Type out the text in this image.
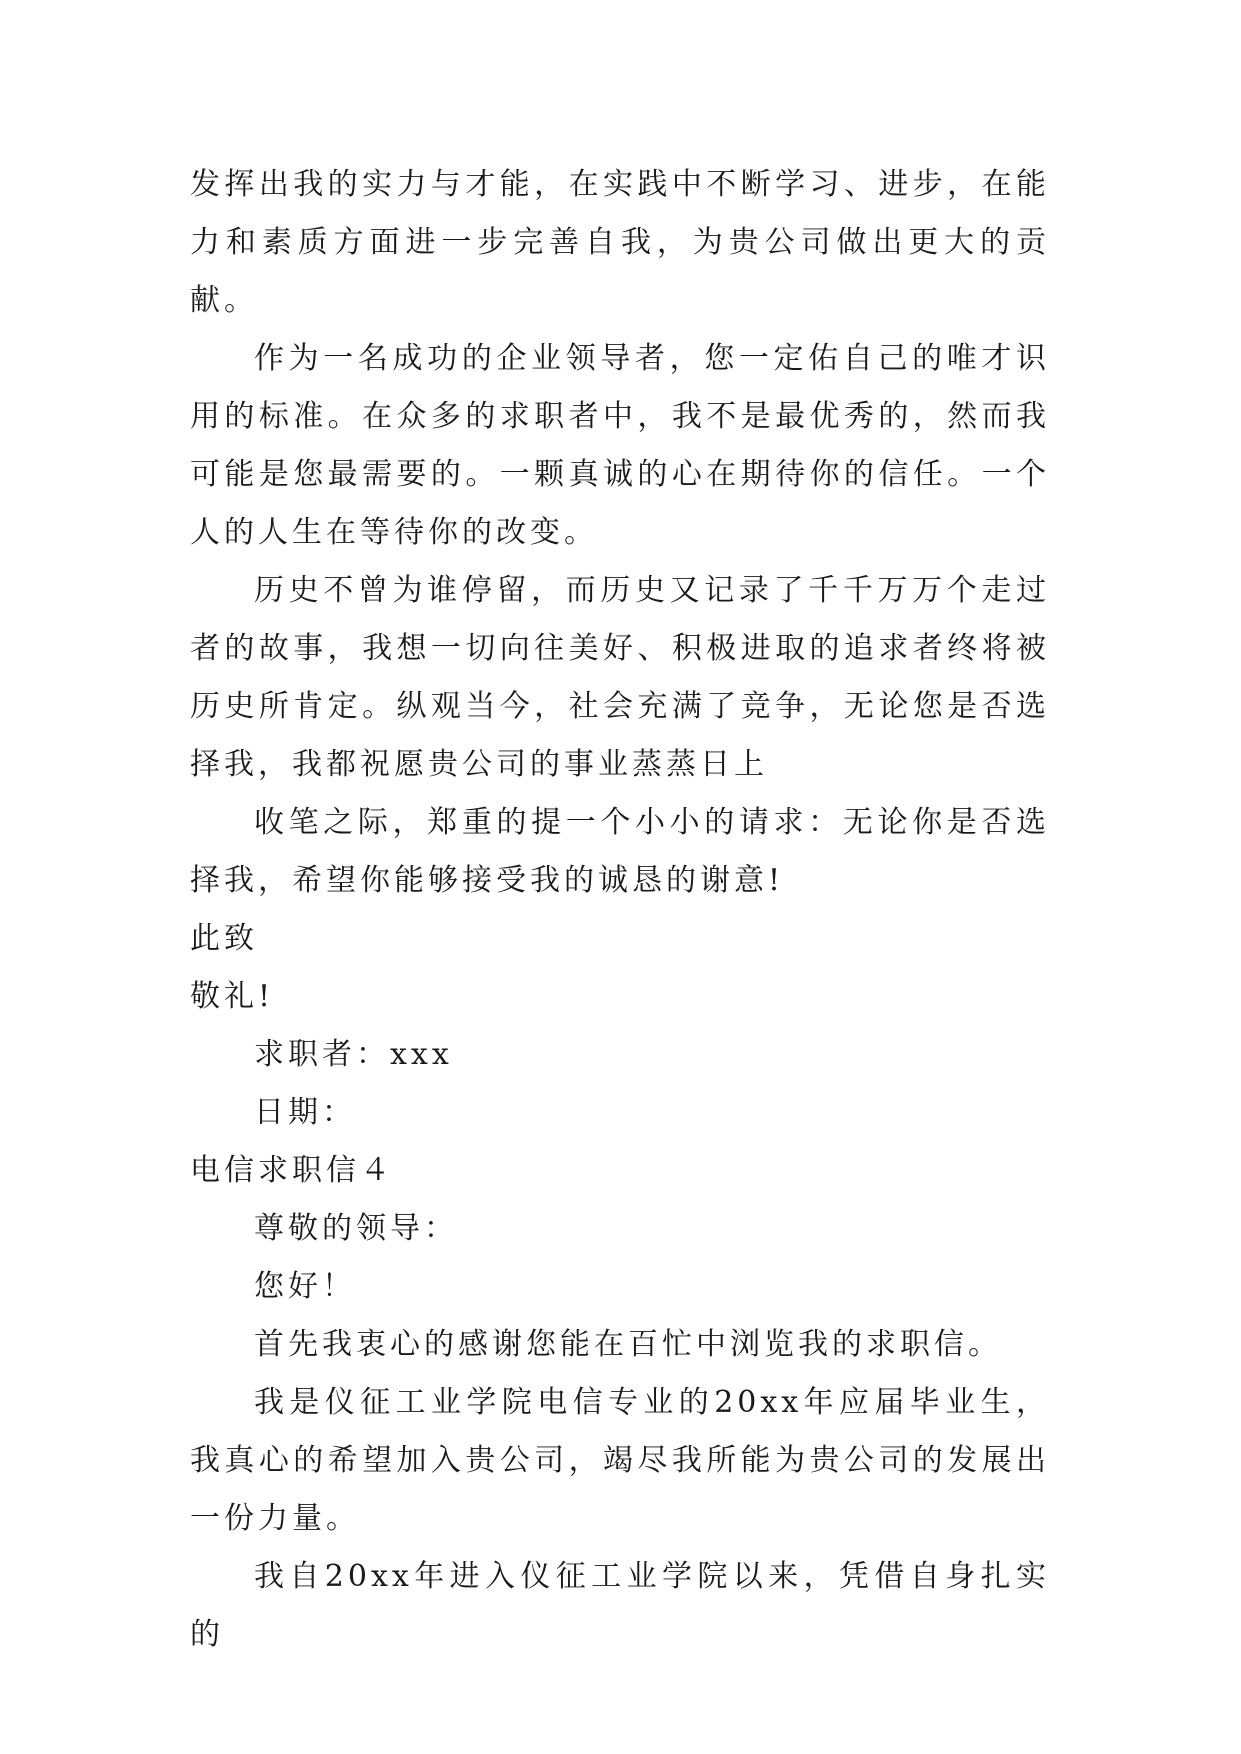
发挥出我的实力与才能，在实践中不断学习、进步，在能力和素质方面进一步完善自我，为贵公司做出更大的贡献。

作为一名成功的企业领导者，您一定佑自己的唯才识用的标准。在众多的求职者中，我不是最优秀的，然而我可能是您最需要的。一颗真诚的心在期待你的信任。一个人的人生在等待你的改变。

历史不曾为谁停留，而历史又记录了千千万万个走过者的故事，我想一切向往美好、积极进取的追求者终将被历史所肯定。纵观当今，社会充满了竞争，无论您是否选择我，我都祝愿贵公司的事业蒸蒸日上

收笔之际，郑重的提一个小小的请求：无论你是否选择我，希望你能够接受我的诚恳的谢意!

此致

敬礼!

求职者：xxx

日期：

电信求职信４

尊敬的领导：

您好！

首先我衷心的感谢您能在百忙中浏览我的求职信。

我是仪征工业学院电信专业的20xx年应届毕业生，我真心的希望加入贵公司，竭尽我所能为贵公司的发展出一份力量。

我自20xx年进入仪征工业学院以来，凭借自身扎实的
